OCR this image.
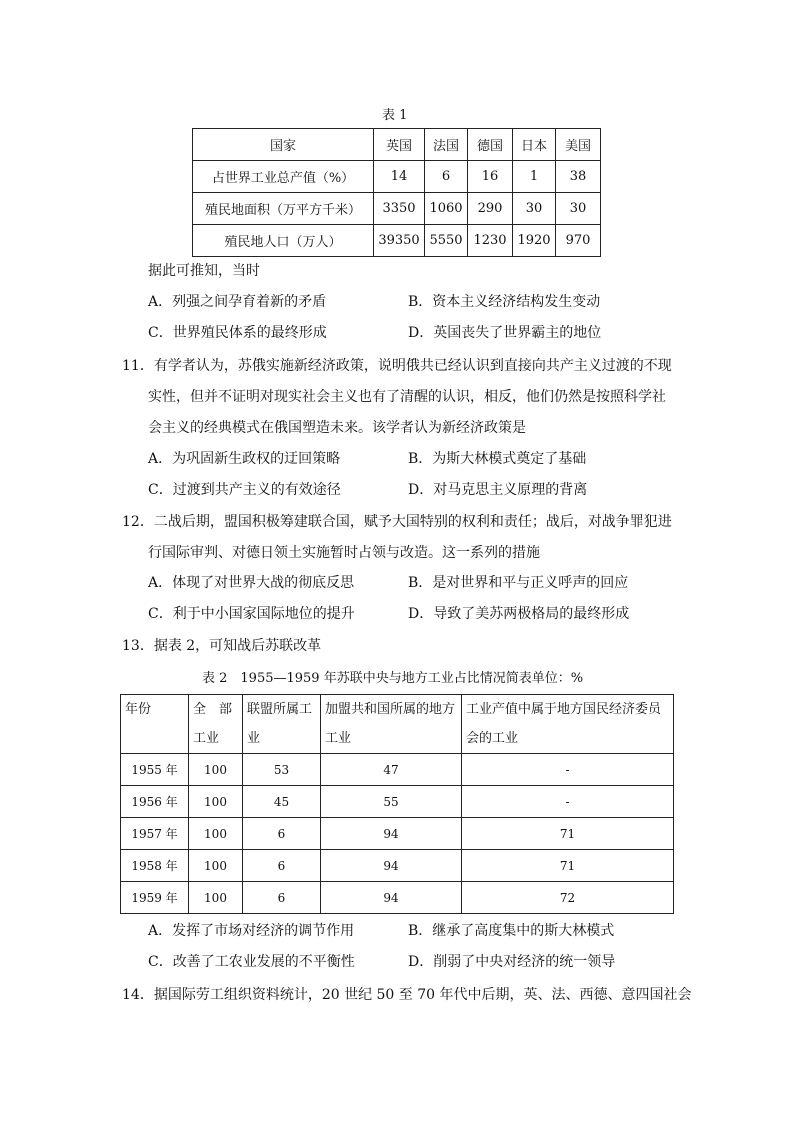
表 1
国家	英国	法国	德国	日本	美国
占世界工业总产值（%）	14	6	16	1	38
殖民地面积（万平方千米）	3350	1060	290	30	30
殖民地人口（万人）	39350	5550	1230	1920	970
据此可推知，当时
A．列强之间孕育着新的矛盾	B．资本主义经济结构发生变动
C．世界殖民体系的最终形成	D．英国丧失了世界霸主的地位
11．有学者认为，苏俄实施新经济政策，说明俄共已经认识到直接向共产主义过渡的不现
实性，但并不证明对现实社会主义也有了清醒的认识，相反，他们仍然是按照科学社
会主义的经典模式在俄国塑造未来。该学者认为新经济政策是
A．为巩固新生政权的迂回策略	B．为斯大林模式奠定了基础
C．过渡到共产主义的有效途径	D．对马克思主义原理的背离
12．二战后期，盟国积极筹建联合国，赋予大国特别的权利和责任；战后，对战争罪犯进
行国际审判、对德日领土实施暂时占领与改造。这一系列的措施
A．体现了对世界大战的彻底反思	B．是对世界和平与正义呼声的回应
C．利于中小国家国际地位的提升	D．导致了美苏两极格局的最终形成
13．据表 2，可知战后苏联改革
表 2　1955—1959 年苏联中央与地方工业占比情况简表单位：%
年份	全　部工业	联盟所属工业	加盟共和国所属的地方工业	工业产值中属于地方国民经济委员会的工业
1955 年	100	53	47	-
1956 年	100	45	55	-
1957 年	100	6	94	71
1958 年	100	6	94	71
1959 年	100	6	94	72
A．发挥了市场对经济的调节作用	B．继承了高度集中的斯大林模式
C．改善了工农业发展的不平衡性	D．削弱了中央对经济的统一领导
14．据国际劳工组织资料统计，20 世纪 50 至 70 年代中后期，英、法、西德、意四国社会
